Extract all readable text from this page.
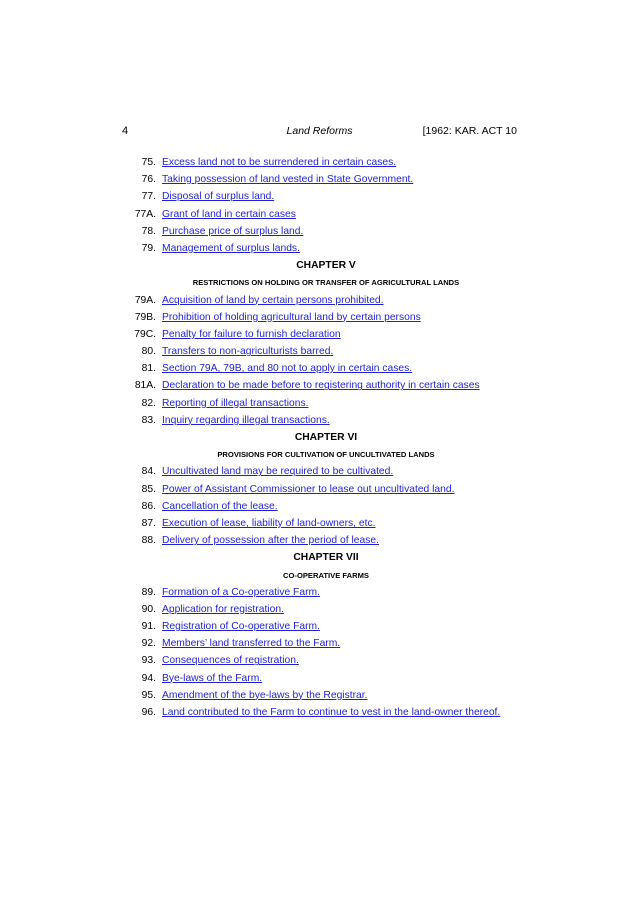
4	Land Reforms	[1962: KAR. ACT 10
75. Excess land not to be surrendered in certain cases.
76. Taking possession of land vested in State Government.
77. Disposal of surplus land.
77A. Grant of land in certain cases
78. Purchase price of surplus land.
79. Management of surplus lands.
CHAPTER V
RESTRICTIONS ON HOLDING OR TRANSFER OF AGRICULTURAL LANDS
79A. Acquisition of land by certain persons prohibited.
79B. Prohibition of holding agricultural land by certain persons
79C. Penalty for failure to furnish declaration
80. Transfers to non-agriculturists barred.
81. Section 79A, 79B, and 80 not to apply in certain cases.
81A. Declaration to be made before to registering authority in certain cases
82. Reporting of illegal transactions.
83. Inquiry regarding illegal transactions.
CHAPTER VI
PROVISIONS FOR CULTIVATION OF UNCULTIVATED LANDS
84. Uncultivated land may be required to be cultivated.
85. Power of Assistant Commissioner to lease out uncultivated land.
86. Cancellation of the lease.
87. Execution of lease, liability of land-owners, etc.
88. Delivery of possession after the period of lease.
CHAPTER VII
CO-OPERATIVE FARMS
89. Formation of a Co-operative Farm.
90. Application for registration.
91. Registration of Co-operative Farm.
92. Members’ land transferred to the Farm.
93. Consequences of registration.
94. Bye-laws of the Farm.
95. Amendment of the bye-laws by the Registrar.
96. Land contributed to the Farm to continue to vest in the land-owner thereof.
